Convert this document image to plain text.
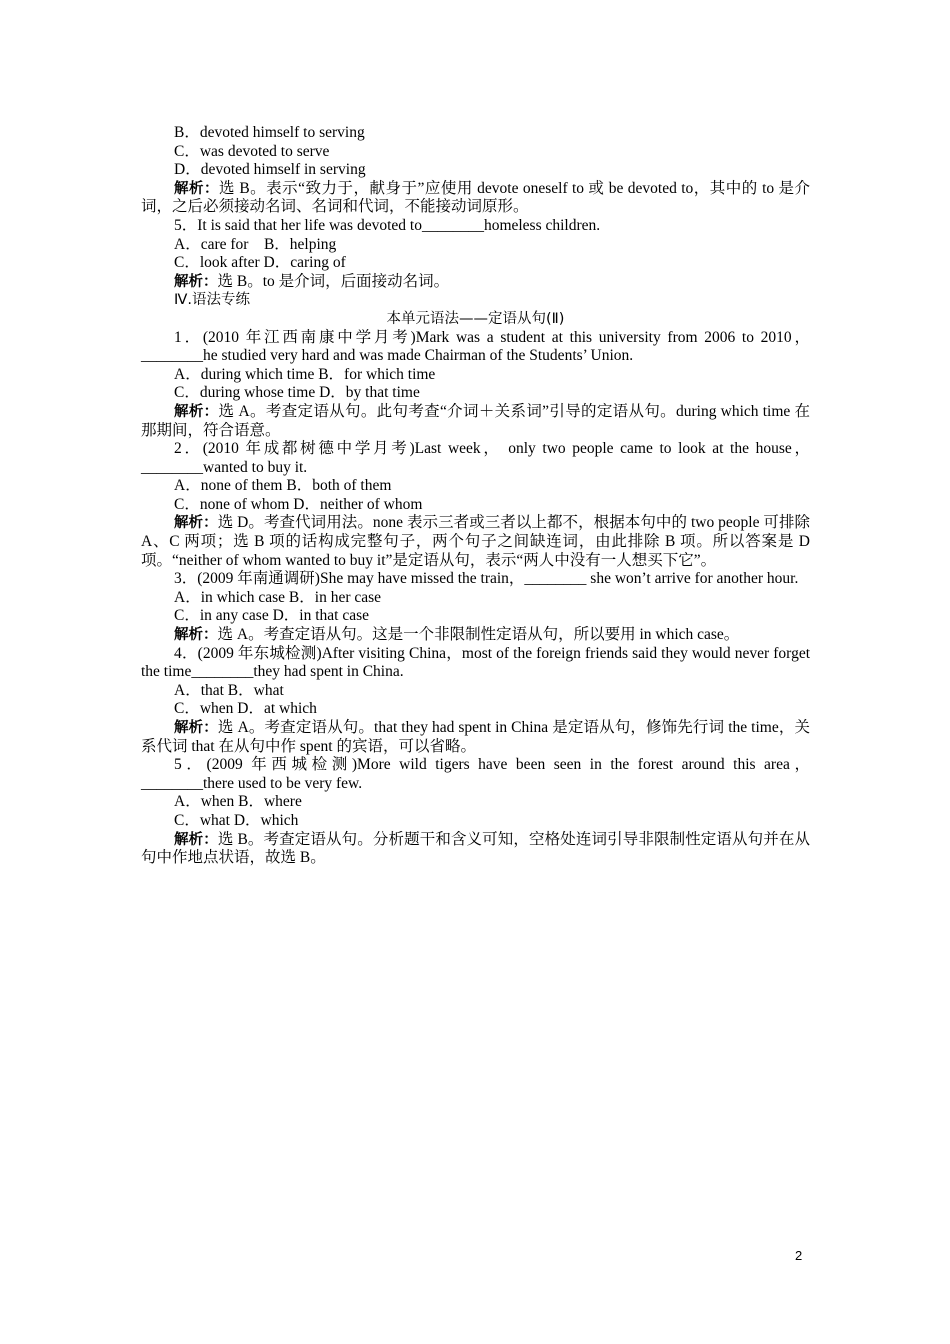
B．devoted himself to serving
C．was devoted to serve
D．devoted himself in serving
解析：选 B。表示“致力于，献身于”应使用 devote oneself to 或 be devoted to，其中的 to 是介词，之后必须接动名词、名词和代词，不能接动词原形。
5．It is said that her life was devoted to________homeless children.
A．care for　B．helping
C．look after D．caring of
解析：选 B。to 是介词，后面接动名词。
Ⅳ.语法专练
本单元语法——定语从句(Ⅱ)
1．(2010 年江西南康中学月考)Mark was a student at this university from 2006 to 2010，________he studied very hard and was made Chairman of the Students’ Union.
A．during which time B．for which time
C．during whose time D．by that time
解析：选 A。考查定语从句。此句考查“介词＋关系词”引导的定语从句。during which time 在那期间，符合语意。
2．(2010 年成都树德中学月考)Last week， only two people came to look at the house，________wanted to buy it.
A．none of them B．both of them
C．none of whom D．neither of whom
解析：选 D。考查代词用法。none 表示三者或三者以上都不，根据本句中的 two people 可排除 A、C 两项；选 B 项的话构成完整句子，两个句子之间缺连词，由此排除 B 项。所以答案是 D 项。“neither of whom wanted to buy it”是定语从句，表示“两人中没有一人想买下它”。
3．(2009 年南通调研)She may have missed the train，________ she won’t arrive for another hour.
A．in which case B．in her case
C．in any case D．in that case
解析：选 A。考查定语从句。这是一个非限制性定语从句，所以要用 in which case。
4．(2009 年东城检测)After visiting China，most of the foreign friends said they would never forget the time________they had spent in China.
A．that B．what
C．when D．at which
解析：选 A。考查定语从句。that they had spent in China 是定语从句，修饰先行词 the time，关系代词 that 在从句中作 spent 的宾语，可以省略。
5．(2009 年西城检测)More wild tigers have been seen in the forest around this area，________there used to be very few.
A．when B．where
C．what D．which
解析：选 B。考查定语从句。分析题干和含义可知，空格处连词引导非限制性定语从句并在从句中作地点状语，故选 B。
2
